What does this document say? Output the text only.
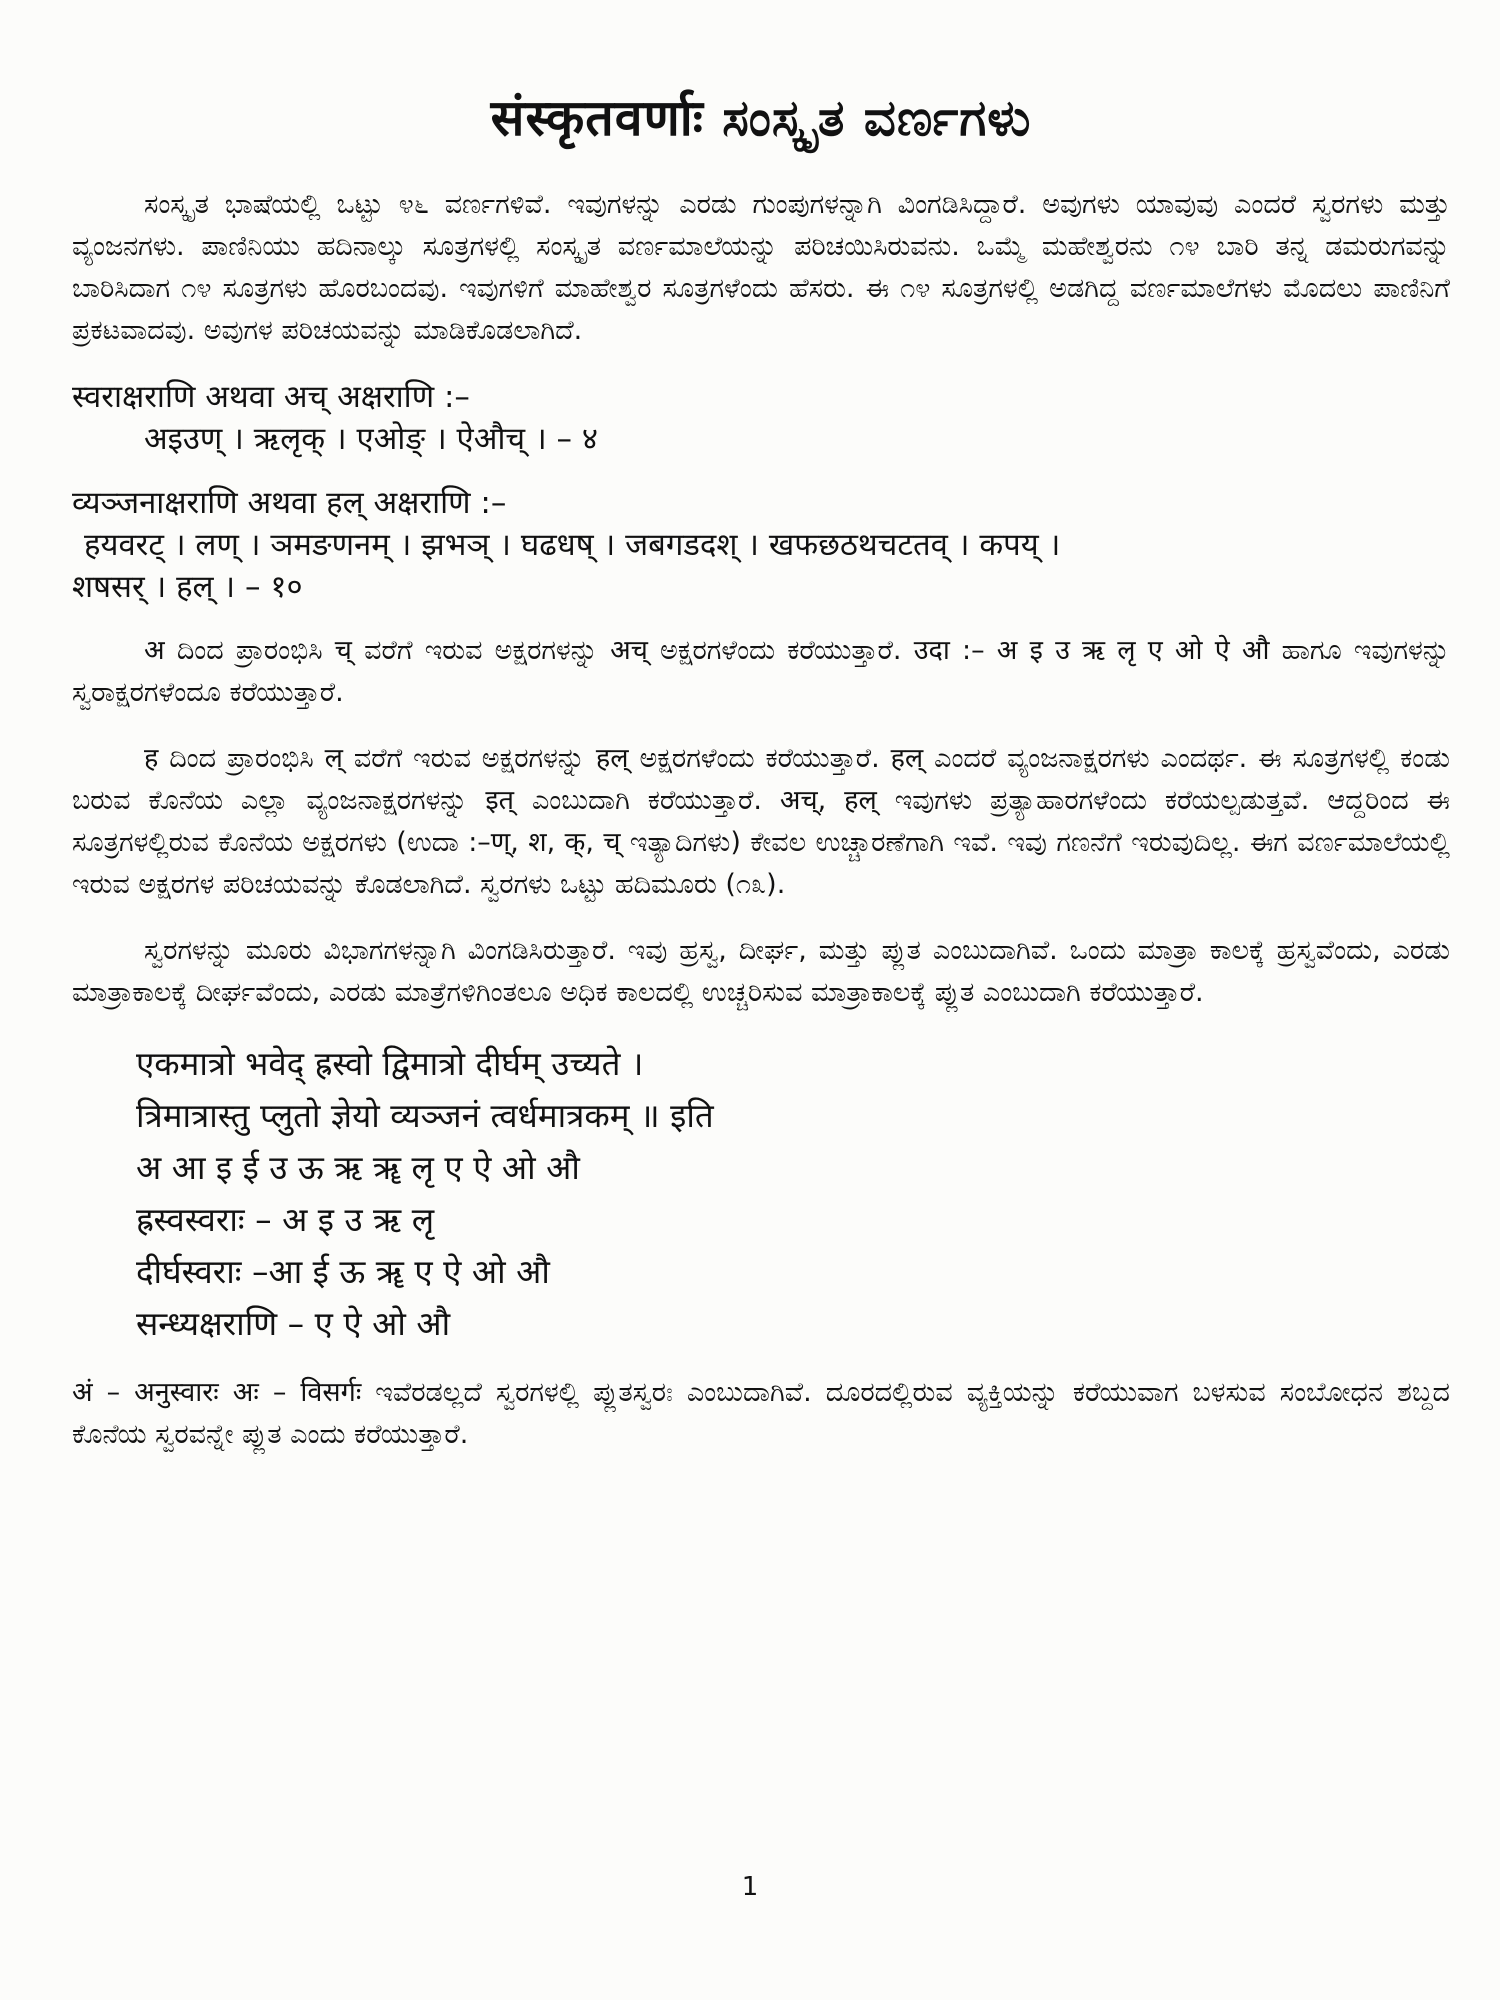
संस्कृतवर्णाः ಸಂಸ್ಕೃತ ವರ್ಣಗಳು

ಸಂಸ್ಕೃತ ಭಾಷೆಯಲ್ಲಿ ಒಟ್ಟು ೪೬ ವರ್ಣಗಳಿವೆ. ಇವುಗಳನ್ನು ಎರಡು ಗುಂಪುಗಳನ್ನಾಗಿ ವಿಂಗಡಿಸಿದ್ದಾರೆ. ಅವುಗಳು ಯಾವುವು ಎಂದರೆ ಸ್ವರಗಳು ಮತ್ತು ವ್ಯಂಜನಗಳು. ಪಾಣಿನಿಯು ಹದಿನಾಲ್ಕು ಸೂತ್ರಗಳಲ್ಲಿ ಸಂಸ್ಕೃತ ವರ್ಣಮಾಲೆಯನ್ನು ಪರಿಚಯಿಸಿರುವನು. ಒಮ್ಮೆ ಮಹೇಶ್ವರನು ೧೪ ಬಾರಿ ತನ್ನ ಡಮರುಗವನ್ನು ಬಾರಿಸಿದಾಗ ೧೪ ಸೂತ್ರಗಳು ಹೊರಬಂದವು. ಇವುಗಳಿಗೆ ಮಾಹೇಶ್ವರ ಸೂತ್ರಗಳೆಂದು ಹೆಸರು. ಈ ೧೪ ಸೂತ್ರಗಳಲ್ಲಿ ಅಡಗಿದ್ದ ವರ್ಣಮಾಲೆಗಳು ಮೊದಲು ಪಾಣಿನಿಗೆ ಪ್ರಕಟವಾದವು. ಅವುಗಳ ಪರಿಚಯವನ್ನು ಮಾಡಿಕೊಡಲಾಗಿದೆ.

स्वराक्षराणि अथवा अच् अक्षराणि :–
अइउण् । ऋलृक् । एओङ् । ऐऔच् । – ४
व्यञ्जनाक्षराणि अथवा हल् अक्षराणि :–
हयवरट् । लण् । ञमङणनम् । झभञ् । घढधष् । जबगडदश् । खफछठथचटतव् । कपय् ।
शषसर् । हल् । – १०

अ ದಿಂದ ಪ್ರಾರಂಭಿಸಿ च् ವರೆಗೆ ಇರುವ ಅಕ್ಷರಗಳನ್ನು अच् ಅಕ್ಷರಗಳೆಂದು ಕರೆಯುತ್ತಾರೆ. उदा :– अ इ उ ऋ लृ ए ओ ऐ औ ಹಾಗೂ ಇವುಗಳನ್ನು ಸ್ವರಾಕ್ಷರಗಳೆಂದೂ ಕರೆಯುತ್ತಾರೆ.

ह ದಿಂದ ಪ್ರಾರಂಭಿಸಿ ल् ವರೆಗೆ ಇರುವ ಅಕ್ಷರಗಳನ್ನು हल् ಅಕ್ಷರಗಳೆಂದು ಕರೆಯುತ್ತಾರೆ. हल् ಎಂದರೆ ವ್ಯಂಜನಾಕ್ಷರಗಳು ಎಂದರ್ಥ. ಈ ಸೂತ್ರಗಳಲ್ಲಿ ಕಂಡು ಬರುವ ಕೊನೆಯ ಎಲ್ಲಾ ವ್ಯಂಜನಾಕ್ಷರಗಳನ್ನು इत् ಎಂಬುದಾಗಿ ಕರೆಯುತ್ತಾರೆ. अच्, हल् ಇವುಗಳು ಪ್ರತ್ಯಾಹಾರಗಳೆಂದು ಕರೆಯಲ್ಪಡುತ್ತವೆ. ಆದ್ದರಿಂದ ಈ ಸೂತ್ರಗಳಲ್ಲಿರುವ ಕೊನೆಯ ಅಕ್ಷರಗಳು (ಉದಾ :–ण्, श, क्, च् ಇತ್ಯಾದಿಗಳು) ಕೇವಲ ಉಚ್ಚಾರಣೆಗಾಗಿ ಇವೆ. ಇವು ಗಣನೆಗೆ ಇರುವುದಿಲ್ಲ. ಈಗ ವರ್ಣಮಾಲೆಯಲ್ಲಿ ಇರುವ ಅಕ್ಷರಗಳ ಪರಿಚಯವನ್ನು ಕೊಡಲಾಗಿದೆ. ಸ್ವರಗಳು ಒಟ್ಟು ಹದಿಮೂರು (೧೩).

ಸ್ವರಗಳನ್ನು ಮೂರು ವಿಭಾಗಗಳನ್ನಾಗಿ ವಿಂಗಡಿಸಿರುತ್ತಾರೆ. ಇವು ಹ್ರಸ್ವ, ದೀರ್ಘ, ಮತ್ತು ಪ್ಲುತ ಎಂಬುದಾಗಿವೆ. ಒಂದು ಮಾತ್ರಾ ಕಾಲಕ್ಕೆ ಹ್ರಸ್ವವೆಂದು, ಎರಡು ಮಾತ್ರಾಕಾಲಕ್ಕೆ ದೀರ್ಘವೆಂದು, ಎರಡು ಮಾತ್ರೆಗಳಿಗಿಂತಲೂ ಅಧಿಕ ಕಾಲದಲ್ಲಿ ಉಚ್ಚರಿಸುವ ಮಾತ್ರಾಕಾಲಕ್ಕೆ ಪ್ಲುತ ಎಂಬುದಾಗಿ ಕರೆಯುತ್ತಾರೆ.

एकमात्रो भवेद् ह्रस्वो द्विमात्रो दीर्घम् उच्यते ।
त्रिमात्रास्तु प्लुतो ज्ञेयो व्यञ्जनं त्वर्धमात्रकम् ॥ इति
अ आ इ ई उ ऊ ऋ ॠ लृ ए ऐ ओ औ
ह्रस्वस्वराः – अ इ उ ऋ लृ
दीर्घस्वराः –आ ई ऊ ॠ ए ऐ ओ औ
सन्ध्यक्षराणि – ए ऐ ओ औ

अं – अनुस्वारः अः – विसर्गः ಇವೆರಡಲ್ಲದೆ ಸ್ವರಗಳಲ್ಲಿ ಪ್ಲುತಸ್ವರಃ ಎಂಬುದಾಗಿವೆ. ದೂರದಲ್ಲಿರುವ ವ್ಯಕ್ತಿಯನ್ನು ಕರೆಯುವಾಗ ಬಳಸುವ ಸಂಬೋಧನ ಶಬ್ದದ ಕೊನೆಯ ಸ್ವರವನ್ನೇ ಪ್ಲುತ ಎಂದು ಕರೆಯುತ್ತಾರೆ.

1
